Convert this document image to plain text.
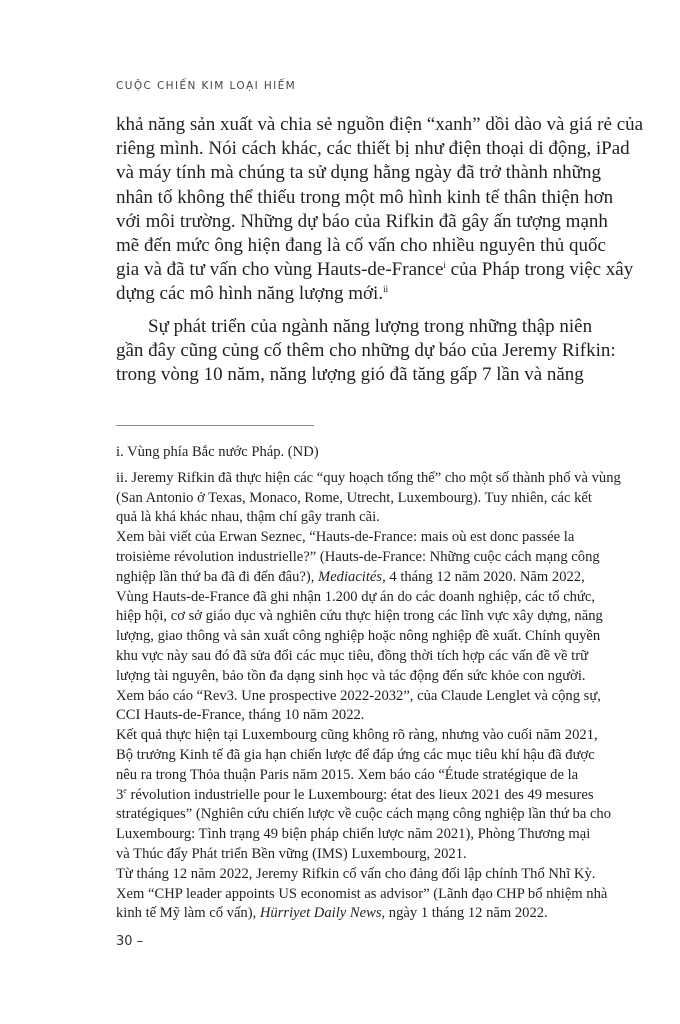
CUỘC CHIẾN KIM LOẠI HIẾM

khả năng sản xuất và chia sẻ nguồn điện “xanh” dồi dào và giá rẻ của
riêng mình. Nói cách khác, các thiết bị như điện thoại di động, iPad
và máy tính mà chúng ta sử dụng hằng ngày đã trở thành những
nhân tố không thể thiếu trong một mô hình kinh tế thân thiện hơn
với môi trường. Những dự báo của Rifkin đã gây ấn tượng mạnh
mẽ đến mức ông hiện đang là cố vấn cho nhiều nguyên thủ quốc
gia và đã tư vấn cho vùng Hauts-de-France$^i$ của Pháp trong việc xây
dựng các mô hình năng lượng mới.$^{ii}$

Sự phát triển của ngành năng lượng trong những thập niên
gần đây cũng củng cố thêm cho những dự báo của Jeremy Rifkin:
trong vòng 10 năm, năng lượng gió đã tăng gấp 7 lần và năng

i. Vùng phía Bắc nước Pháp. (ND)

ii. Jeremy Rifkin đã thực hiện các “quy hoạch tổng thể” cho một số thành phố và vùng
(San Antonio ở Texas, Monaco, Rome, Utrecht, Luxembourg). Tuy nhiên, các kết
quả là khá khác nhau, thậm chí gây tranh cãi.

Xem bài viết của Erwan Seznec, “Hauts-de-France: mais où est donc passée la
troisième révolution industrielle?” (Hauts-de-France: Những cuộc cách mạng công
nghiệp lần thứ ba đã đi đến đâu?), Mediacités, 4 tháng 12 năm 2020. Năm 2022,
Vùng Hauts-de-France đã ghi nhận 1.200 dự án do các doanh nghiệp, các tổ chức,
hiệp hội, cơ sở giáo dục và nghiên cứu thực hiện trong các lĩnh vực xây dựng, năng
lượng, giao thông và sản xuất công nghiệp hoặc nông nghiệp đề xuất. Chính quyền
khu vực này sau đó đã sửa đổi các mục tiêu, đồng thời tích hợp các vấn đề về trữ
lượng tài nguyên, bảo tồn đa dạng sinh học và tác động đến sức khỏe con người.
Xem báo cáo “Rev3. Une prospective 2022-2032”, của Claude Lenglet và cộng sự,
CCI Hauts-de-France, tháng 10 năm 2022.

Kết quả thực hiện tại Luxembourg cũng không rõ ràng, nhưng vào cuối năm 2021,
Bộ trưởng Kinh tế đã gia hạn chiến lược để đáp ứng các mục tiêu khí hậu đã được
nêu ra trong Thỏa thuận Paris năm 2015. Xem báo cáo “Étude stratégique de la
3e révolution industrielle pour le Luxembourg: état des lieux 2021 des 49 mesures
stratégiques” (Nghiên cứu chiến lược về cuộc cách mạng công nghiệp lần thứ ba cho
Luxembourg: Tình trạng 49 biện pháp chiến lược năm 2021), Phòng Thương mại
và Thúc đẩy Phát triển Bền vững (IMS) Luxembourg, 2021.

Từ tháng 12 năm 2022, Jeremy Rifkin cố vấn cho đảng đối lập chính Thổ Nhĩ Kỳ.
Xem “CHP leader appoints US economist as advisor” (Lãnh đạo CHP bổ nhiệm nhà
kinh tế Mỹ làm cố vấn), Hürriyet Daily News, ngày 1 tháng 12 năm 2022.

30 –
